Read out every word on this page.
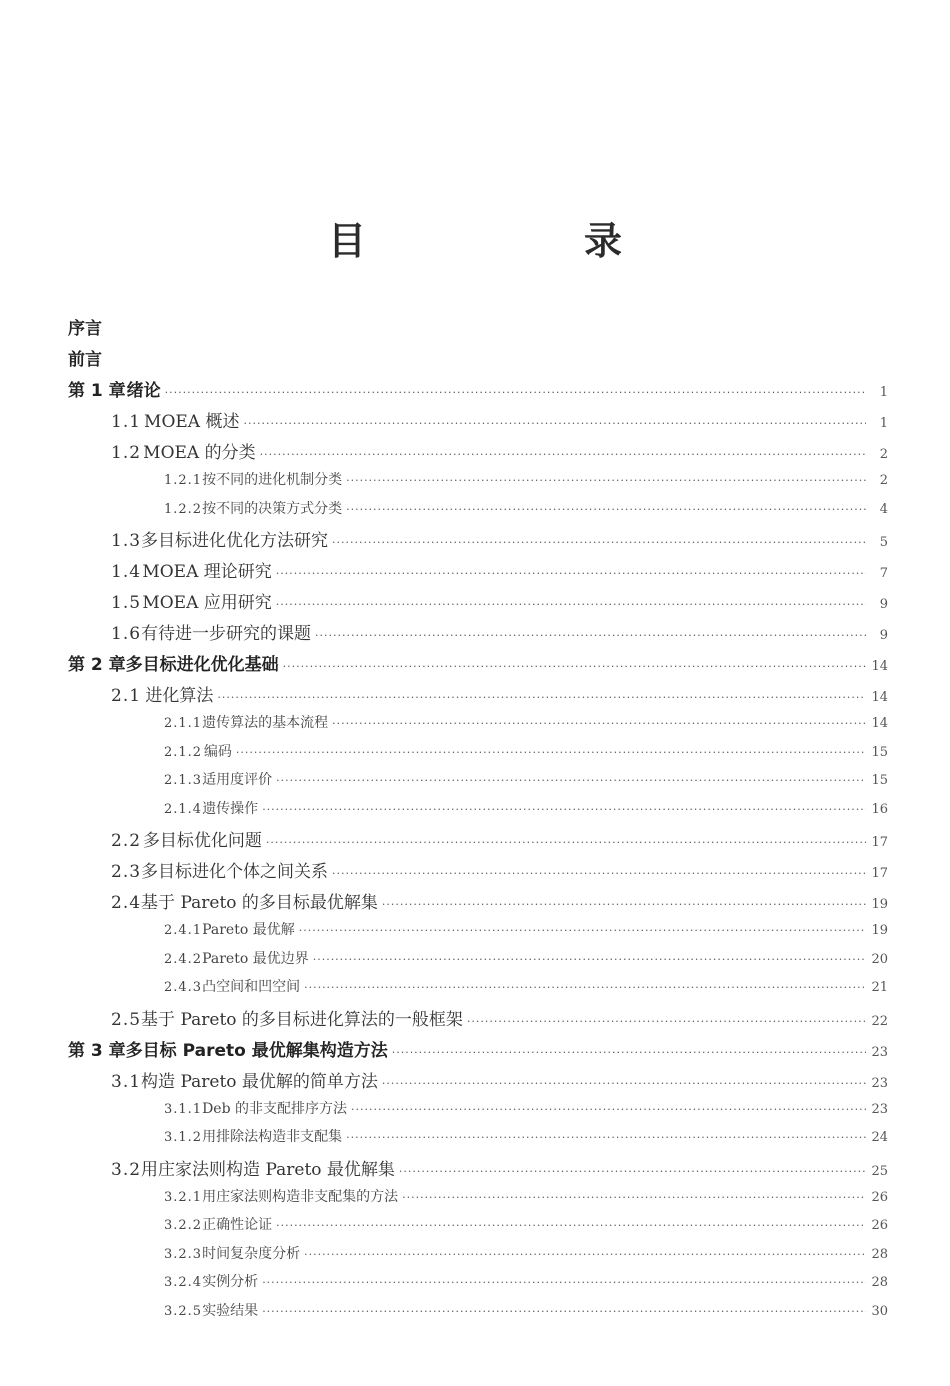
目　录
序言
前言
第 1 章 绪论 ·····	1
1.1 MOEA 概述 ·····	1
1.2 MOEA 的分类 ·····	2
1.2.1 按不同的进化机制分类 ·····	2
1.2.2 按不同的决策方式分类 ·····	4
1.3 多目标进化优化方法研究 ·····	5
1.4 MOEA 理论研究 ·····	7
1.5 MOEA 应用研究 ·····	9
1.6 有待进一步研究的课题 ·····	9
第 2 章 多目标进化优化基础 ·····	14
2.1 进化算法 ·····	14
2.1.1 遗传算法的基本流程 ·····	14
2.1.2 编码 ·····	15
2.1.3 适用度评价 ·····	15
2.1.4 遗传操作 ·····	16
2.2 多目标优化问题 ·····	17
2.3 多目标进化个体之间关系 ·····	17
2.4 基于 Pareto 的多目标最优解集 ·····	19
2.4.1 Pareto 最优解 ·····	19
2.4.2 Pareto 最优边界 ·····	20
2.4.3 凸空间和凹空间 ·····	21
2.5 基于 Pareto 的多目标进化算法的一般框架 ·····	22
第 3 章 多目标 Pareto 最优解集构造方法 ·····	23
3.1 构造 Pareto 最优解的简单方法 ·····	23
3.1.1 Deb 的非支配排序方法 ·····	23
3.1.2 用排除法构造非支配集 ·····	24
3.2 用庄家法则构造 Pareto 最优解集 ·····	25
3.2.1 用庄家法则构造非支配集的方法 ·····	26
3.2.2 正确性论证 ·····	26
3.2.3 时间复杂度分析 ·····	28
3.2.4 实例分析 ·····	28
3.2.5 实验结果 ·····	30
